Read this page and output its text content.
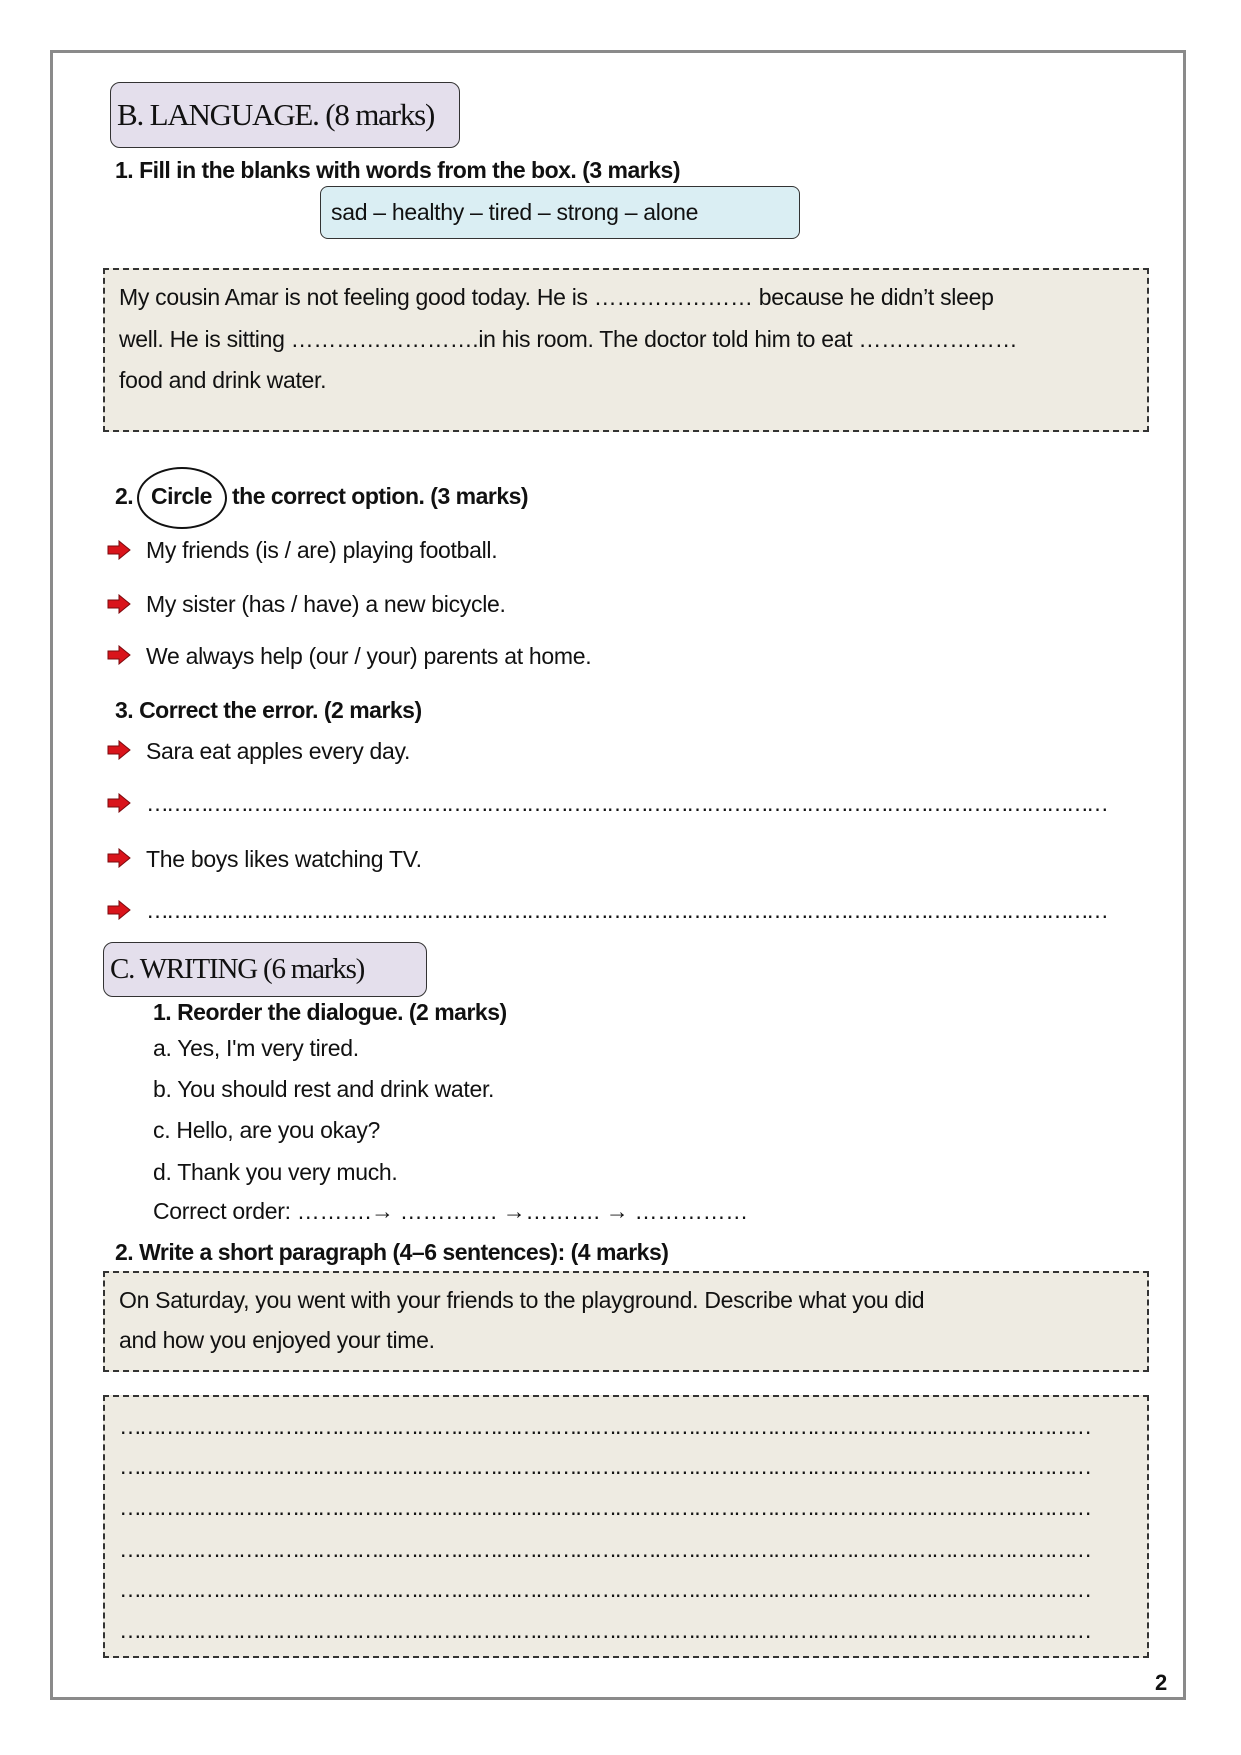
B. LANGUAGE. (8 marks)
1. Fill in the blanks with words from the box. (3 marks)
sad – healthy – tired – strong – alone
My cousin Amar is not feeling good today. He is ………………… because he didn’t sleep
well. He is sitting …………………….in his room. The doctor told him to eat …………………
food and drink water.
2. Circle the correct option. (3 marks)
My friends (is / are) playing football.
My sister (has / have) a new bicycle.
We always help (our / your) parents at home.
3. Correct the error. (2 marks)
Sara eat apples every day.
………………………………………………………………………………………………………………………………
The boys likes watching TV.
………………………………………………………………………………………………………………………………
C. WRITING (6 marks)
1. Reorder the dialogue. (2 marks)
a. Yes, I'm very tired.
b. You should rest and drink water.
c. Hello, are you okay?
d. Thank you very much.
Correct order: ……….→ …………. →………. → ……………
2. Write a short paragraph (4–6 sentences): (4 marks)
On Saturday, you went with your friends to the playground. Describe what you did
and how you enjoyed your time.
…………………………………………………………………………………………………………………………………
…………………………………………………………………………………………………………………………………
…………………………………………………………………………………………………………………………………
…………………………………………………………………………………………………………………………………
…………………………………………………………………………………………………………………………………
…………………………………………………………………………………………………………………………………
2
